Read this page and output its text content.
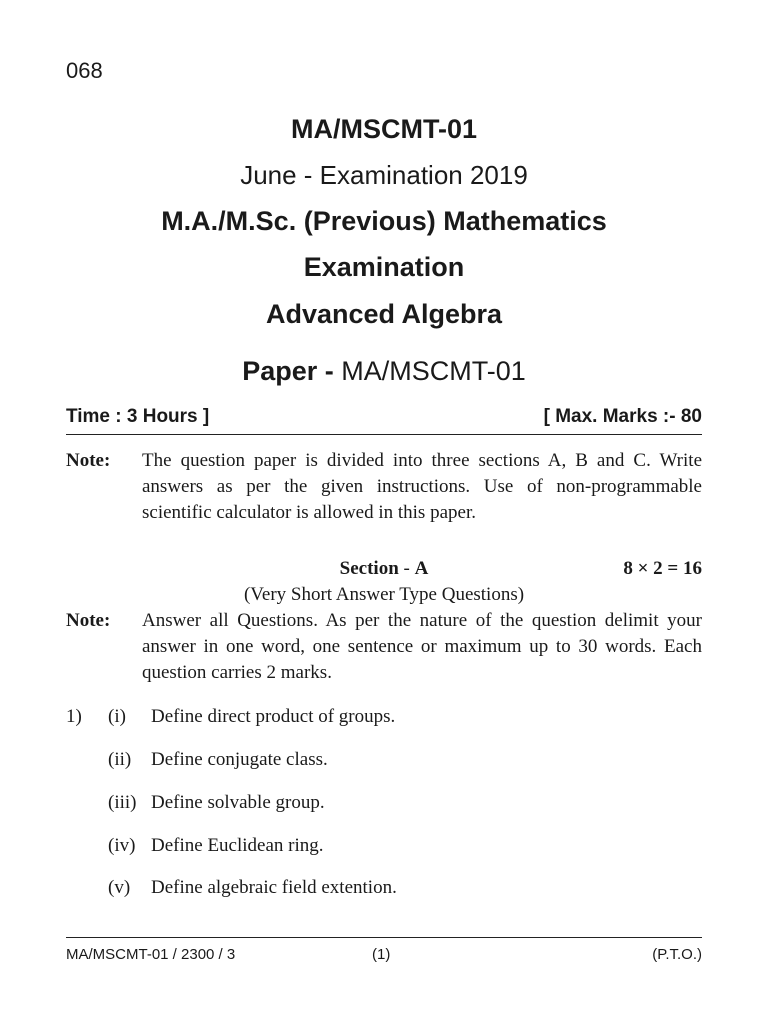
068
MA/MSCMT-01
June - Examination 2019
M.A./M.Sc. (Previous) Mathematics
Examination
Advanced Algebra
Paper - MA/MSCMT-01
Time : 3 Hours ]	[ Max. Marks :- 80
Note: The question paper is divided into three sections A, B and C. Write answers as per the given instructions. Use of non-programmable scientific calculator is allowed in this paper.
Section - A	8 × 2 = 16
(Very Short Answer Type Questions)
Note: Answer all Questions. As per the nature of the question delimit your answer in one word, one sentence or maximum up to 30 words. Each question carries 2 marks.
1) (i) Define direct product of groups.
(ii) Define conjugate class.
(iii) Define solvable group.
(iv) Define Euclidean ring.
(v) Define algebraic field extention.
MA/MSCMT-01 / 2300 / 3	(1)	(P.T.O.)
